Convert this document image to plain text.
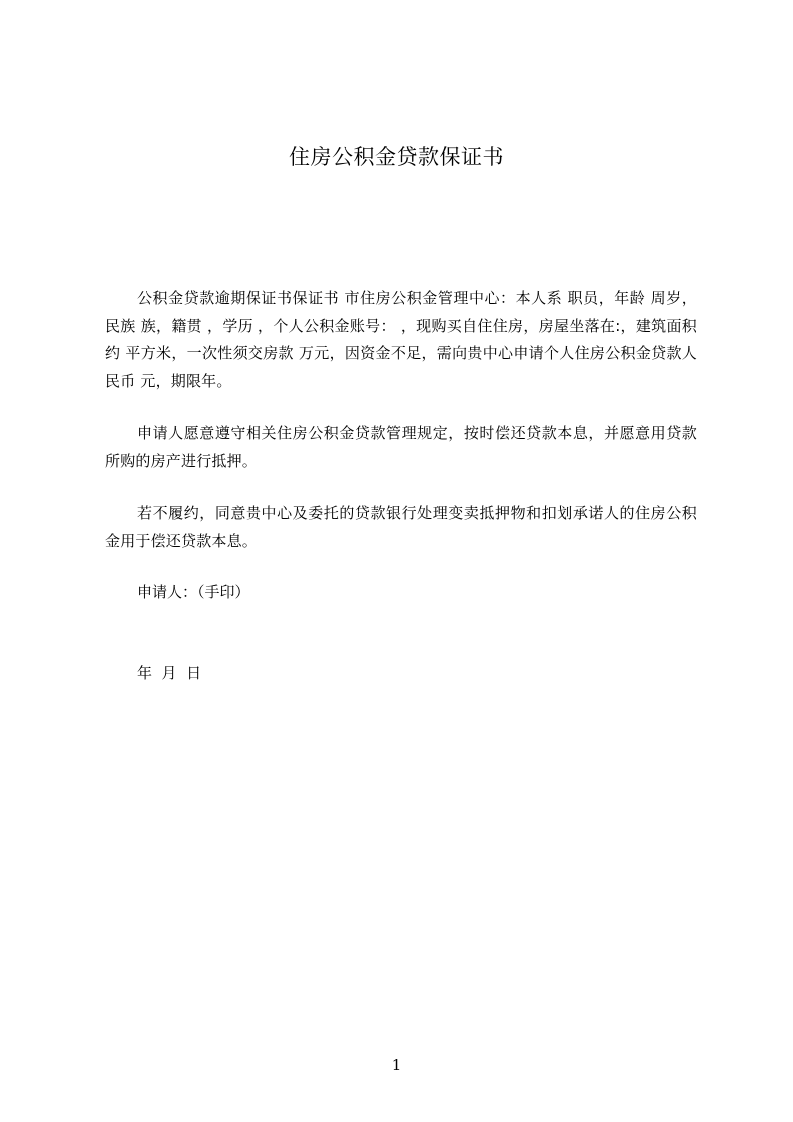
住房公积金贷款保证书

公积金贷款逾期保证书保证书 市住房公积金管理中心：本人系 职员，年龄 周岁，民族 族，籍贯 ，学历 ，个人公积金账号： ，现购买自住住房，房屋坐落在:，建筑面积约 平方米，一次性须交房款 万元，因资金不足，需向贵中心申请个人住房公积金贷款人民币 元，期限年。

申请人愿意遵守相关住房公积金贷款管理规定，按时偿还贷款本息，并愿意用贷款所购的房产进行抵押。

若不履约，同意贵中心及委托的贷款银行处理变卖抵押物和扣划承诺人的住房公积金用于偿还贷款本息。

申请人：（手印）
年  月  日
1
